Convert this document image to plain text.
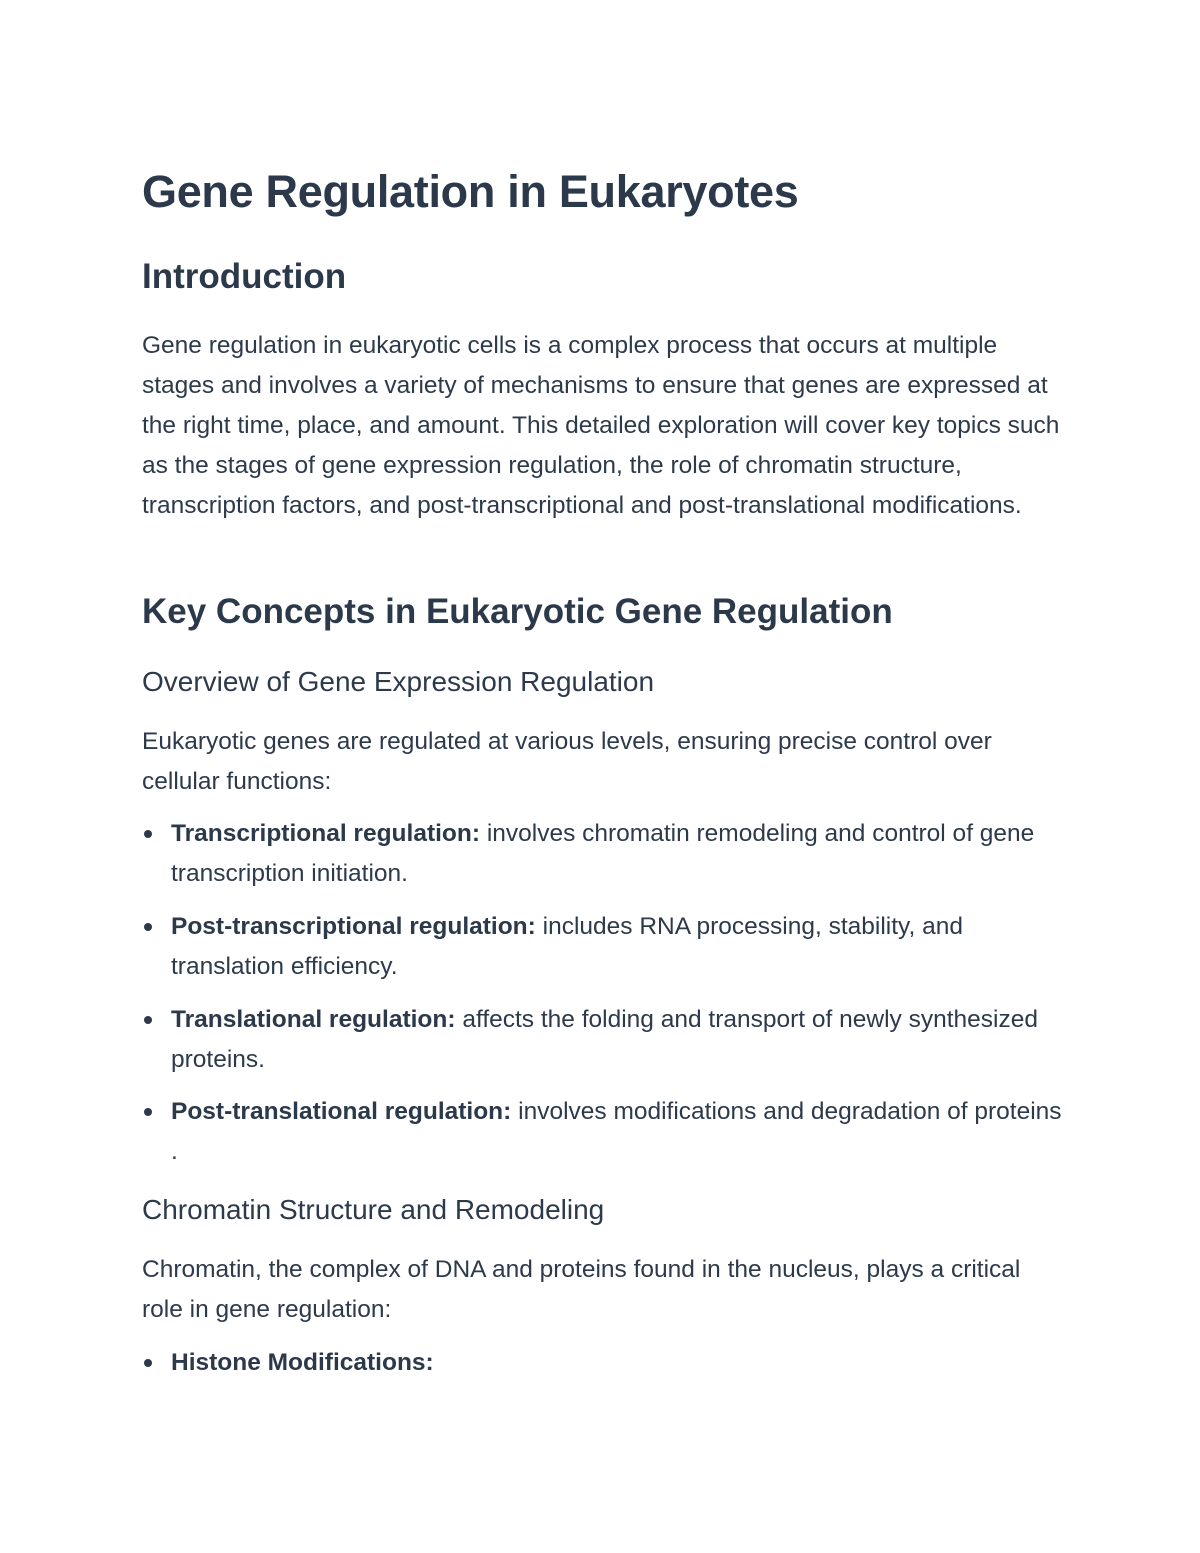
Gene Regulation in Eukaryotes
Introduction

Gene regulation in eukaryotic cells is a complex process that occurs at multiple stages and involves a variety of mechanisms to ensure that genes are expressed at the right time, place, and amount. This detailed exploration will cover key topics such as the stages of gene expression regulation, the role of chromatin structure, transcription factors, and post-transcriptional and post-translational modifications.

Key Concepts in Eukaryotic Gene Regulation
Overview of Gene Expression Regulation

Eukaryotic genes are regulated at various levels, ensuring precise control over cellular functions:

Transcriptional regulation: involves chromatin remodeling and control of gene transcription initiation.

Post-transcriptional regulation: includes RNA processing, stability, and translation efficiency.

Translational regulation: affects the folding and transport of newly synthesized proteins.

Post-translational regulation: involves modifications and degradation of proteins .

Chromatin Structure and Remodeling

Chromatin, the complex of DNA and proteins found in the nucleus, plays a critical role in gene regulation:

Histone Modifications:
